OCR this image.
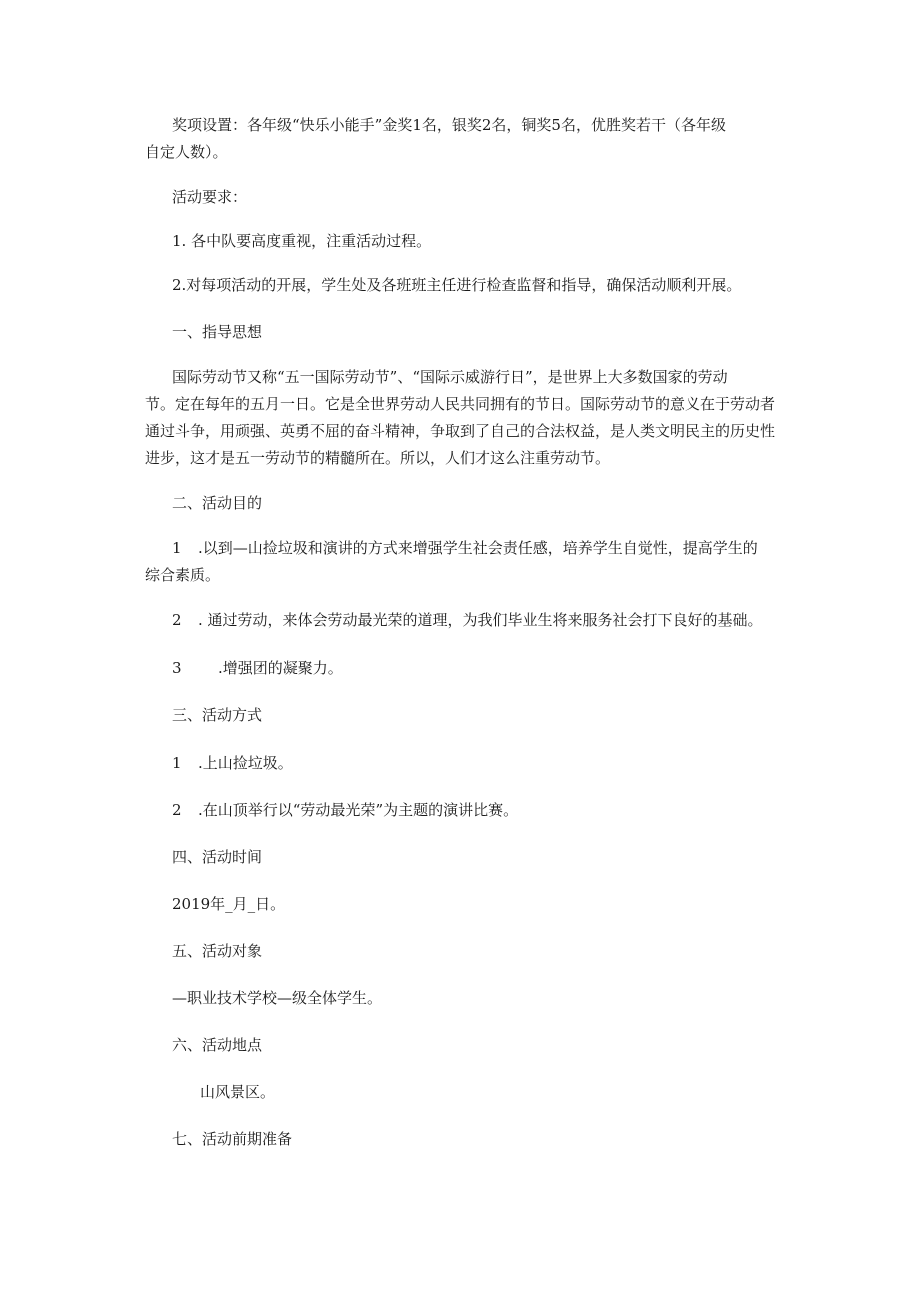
奖项设置：各年级“快乐小能手”金奖1名，银奖2名，铜奖5名，优胜奖若干（各年级

自定人数）。

活动要求：

1. 各中队要高度重视，注重活动过程。

2.对每项活动的开展，学生处及各班班主任进行检查监督和指导，确保活动顺利开展。

一、指导思想

国际劳动节又称“五一国际劳动节”、“国际示威游行日”，是世界上大多数国家的劳动

节。定在每年的五月一日。它是全世界劳动人民共同拥有的节日。国际劳动节的意义在于劳动者

通过斗争，用顽强、英勇不屈的奋斗精神，争取到了自己的合法权益，是人类文明民主的历史性

进步，这才是五一劳动节的精髓所在。所以，人们才这么注重劳动节。

二、活动目的

1 .以到—山捡垃圾和演讲的方式来增强学生社会责任感，培养学生自觉性，提高学生的

综合素质。

2 . 通过劳动，来体会劳动最光荣的道理，为我们毕业生将来服务社会打下良好的基础。

3 .增强团的凝聚力。

三、活动方式

1 .上山捡垃圾。

2 .在山顶举行以“劳动最光荣”为主题的演讲比赛。

四、活动时间

2019年_月_日。

五、活动对象

—职业技术学校—级全体学生。

六、活动地点

山风景区。

七、活动前期准备
